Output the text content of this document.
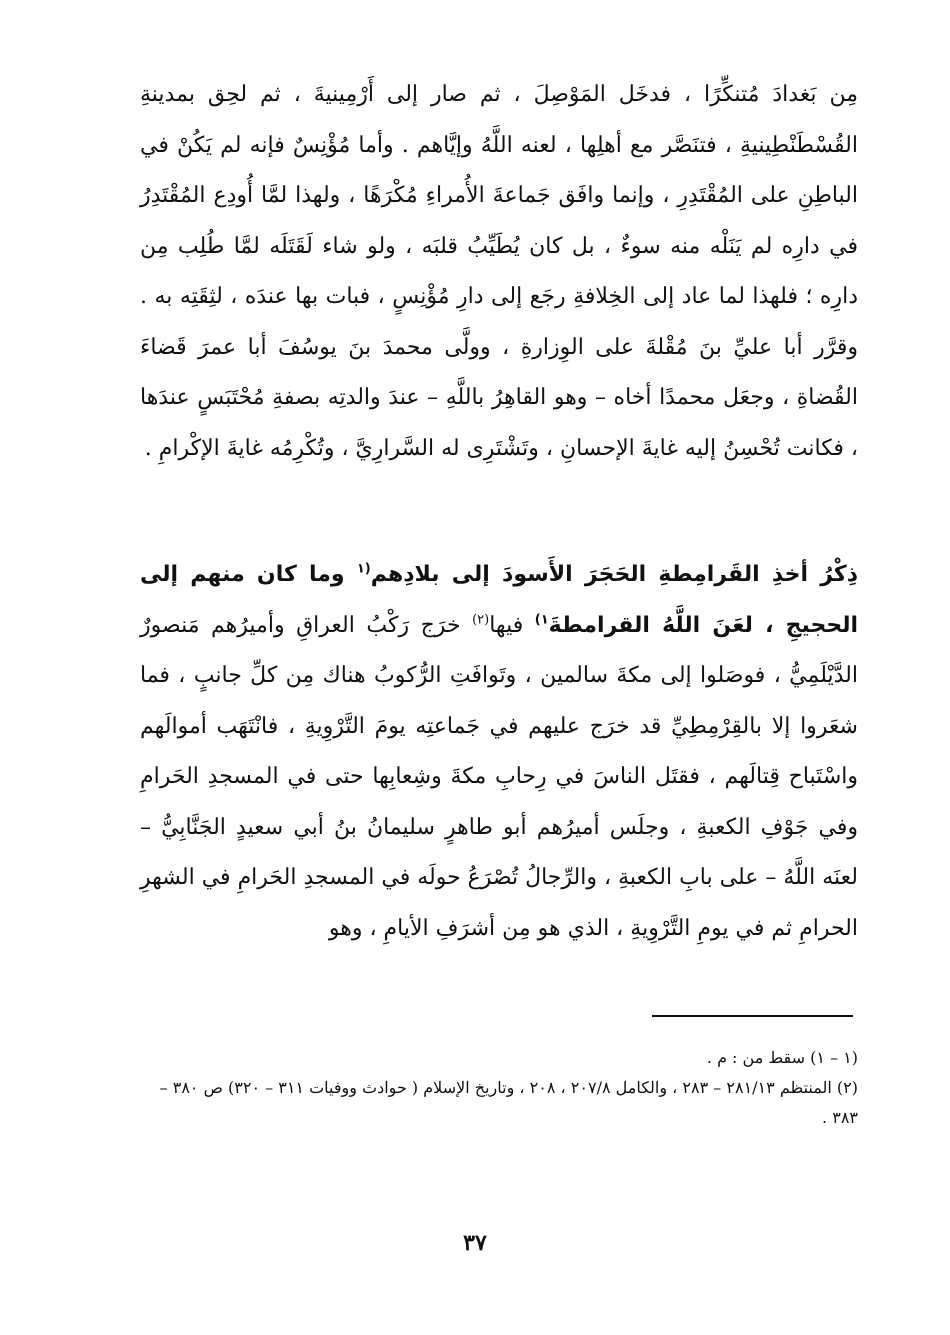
مِن بَغدادَ مُتنكِّرًا ، فدخَل المَوْصِلَ ، ثم صار إلى أَرْمِينيةَ ، ثم لحِق بمدينةِ القُسْطَنْطِينيةِ ، فتنَصَّر مع أهلِها ، لعنه اللَّهُ وإيَّاهم . وأما مُؤْنِسٌ فإنه لم يَكُنْ في الباطِنِ على المُقْتَدِرِ ، وإنما وافَق جَماعةَ الأُمراءِ مُكْرَهًا ، ولهذا لمَّا أُودِع المُقْتَدِرُ في دارِه لم يَنَلْه منه سوءٌ ، بل كان يُطَيِّبُ قلبَه ، ولو شاء لَقَتَلَه لمَّا طُلِب مِن دارِه ؛ فلهذا لما عاد إلى الخِلافةِ رجَع إلى دارِ مُؤْنِسٍ ، فبات بها عندَه ، لثِقَتِه به . وقرَّر أبا عليِّ بنَ مُقْلةَ على الوِزارةِ ، وولَّى محمدَ بنَ يوسُفَ أبا عمرَ قَضاءَ القُضاةِ ، وجعَل محمدًا أخاه – وهو القاهِرُ باللَّهِ – عندَ والدتِه بصفةِ مُحْتَبَسٍ عندَها ، فكانت تُحْسِنُ إليه غايةَ الإحسانِ ، وتَشْتَرِى له السَّرارِيَّ ، وتُكْرِمُه غايةَ الإكْرامِ .

ذِكْرُ أخذِ القَرامِطةِ الحَجَرَ الأَسودَ إلى بلادِهم$^{(١}$ وما كان منهم إلى الحجيجِ ، لعَنَ اللَّهُ القرامطةَ$^{١)}$ فيها$^{(٢)}$ خرَج رَكْبُ العراقِ وأميرُهم مَنصورٌ الدَّيْلَمِيُّ ، فوصَلوا إلى مكةَ سالمين ، وتَوافَتِ الرُّكوبُ هناك مِن كلِّ جانبٍ ، فما شعَروا إلا بالقِرْمِطِيِّ قد خرَج عليهم في جَماعتِه يومَ التَّرْوِيةِ ، فانْتَهَب أموالَهم واسْتَباح قِتالَهم ، فقتَل الناسَ في رِحابِ مكةَ وشِعابِها حتى في المسجدِ الحَرامِ وفي جَوْفِ الكعبةِ ، وجلَس أميرُهم أبو طاهرٍ سليمانُ بنُ أبي سعيدٍ الجَنَّابِيُّ – لعنَه اللَّهُ – على بابِ الكعبةِ ، والرِّجالُ تُصْرَعُ حولَه في المسجدِ الحَرامِ في الشهرِ الحرامِ ثم في يومِ التَّرْوِيةِ ، الذي هو مِن أشرَفِ الأيامِ ، وهو

(١ – ١) سقط من : م .

(٢) المنتظم ٢٨١/١٣ – ٢٨٣ ، والكامل ٢٠٧/٨ ، ٢٠٨ ، وتاريخ الإسلام ( حوادث ووفيات ٣١١ – ٣٢٠) ص ٣٨٠ – ٣٨٣ .

٣٧
